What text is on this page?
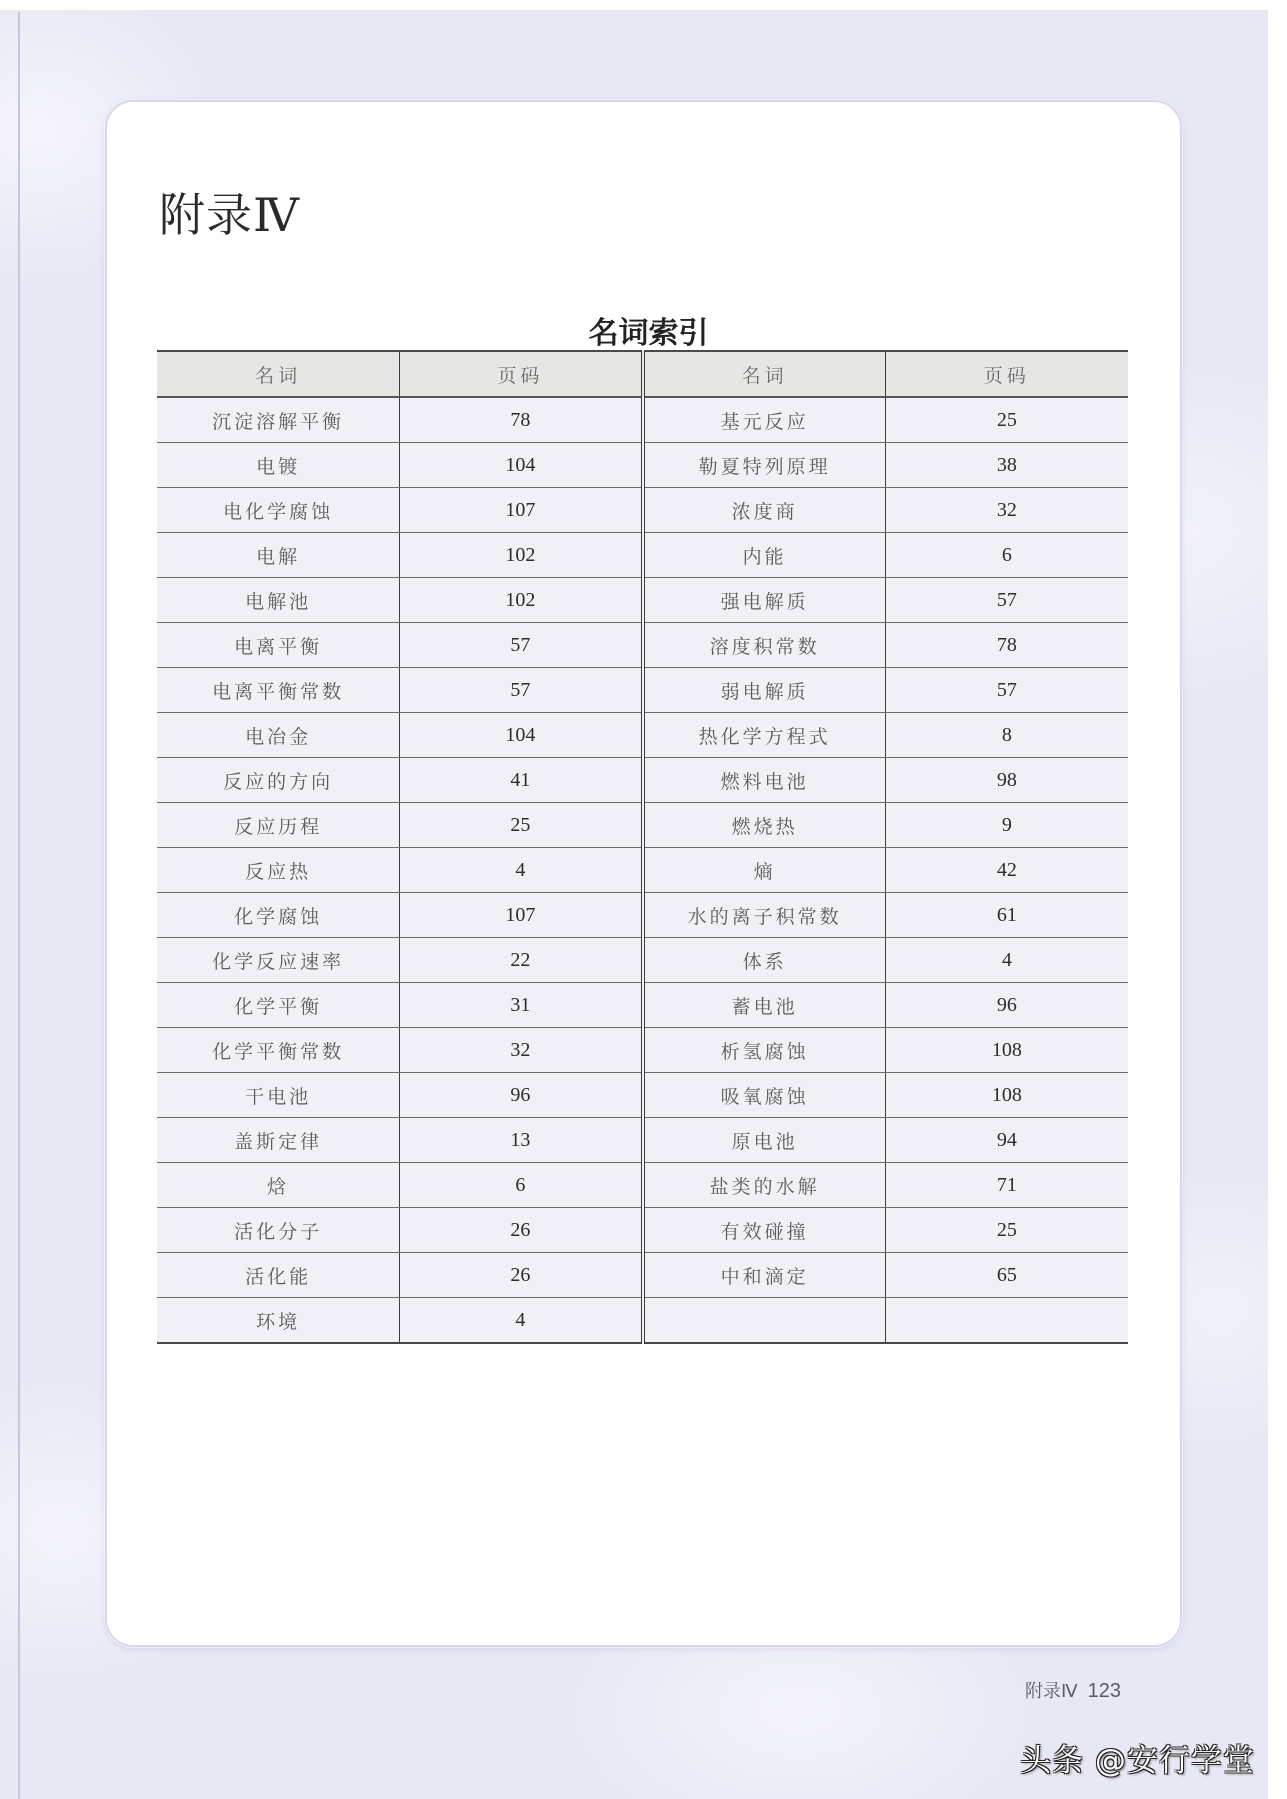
附录Ⅳ
名词索引
名词	页码	名词	页码
沉淀溶解平衡	78	基元反应	25
电镀	104	勒夏特列原理	38
电化学腐蚀	107	浓度商	32
电解	102	内能	6
电解池	102	强电解质	57
电离平衡	57	溶度积常数	78
电离平衡常数	57	弱电解质	57
电冶金	104	热化学方程式	8
反应的方向	41	燃料电池	98
反应历程	25	燃烧热	9
反应热	4	熵	42
化学腐蚀	107	水的离子积常数	61
化学反应速率	22	体系	4
化学平衡	31	蓄电池	96
化学平衡常数	32	析氢腐蚀	108
干电池	96	吸氧腐蚀	108
盖斯定律	13	原电池	94
焓	6	盐类的水解	71
活化分子	26	有效碰撞	25
活化能	26	中和滴定	65
环境	4		
附录Ⅳ 123
头条 @安行学堂
